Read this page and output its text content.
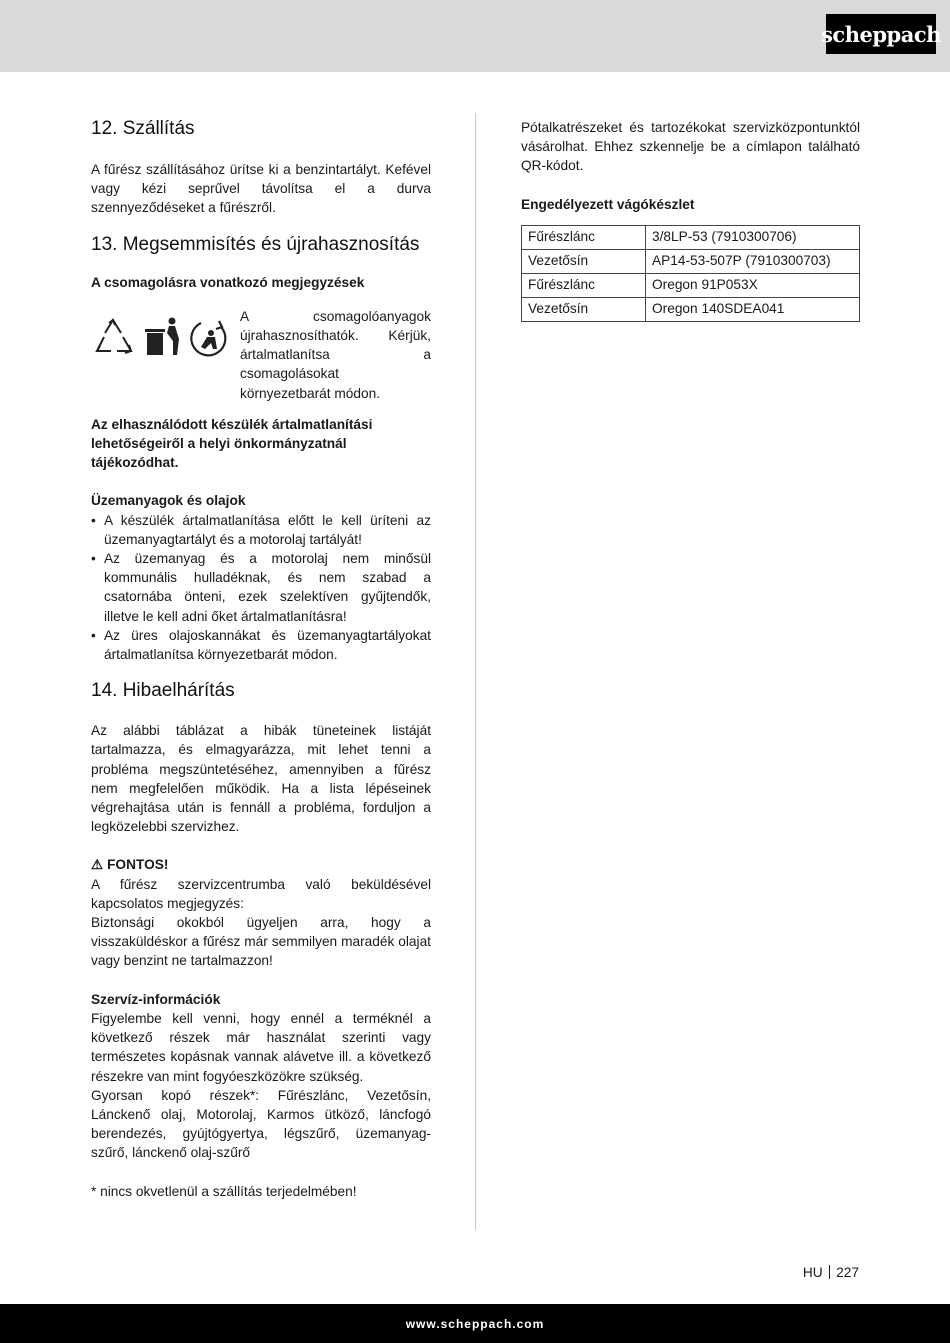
scheppach
12. Szállítás

A fűrész szállításához ürítse ki a benzintartályt. Kefével vagy kézi seprűvel távolítsa el a durva szennyeződéseket a fűrészről.

13. Megsemmisítés és újrahasznosítás

A csomagolásra vonatkozó megjegyzések

A csomagolóanyagok újrahasznosíthatók. Kérjük, ártalmatlanítsa a csomagolásokat környezetbarát módon.

Az elhasználódott készülék ártalmatlanítási lehetőségeiről a helyi önkormányzatnál tájékozódhat.

Üzemanyagok és olajok

• A készülék ártalmatlanítása előtt le kell üríteni az üzemanyagtartályt és a motorolaj tartályát!
• Az üzemanyag és a motorolaj nem minősül kommunális hulladéknak, és nem szabad a csatornába önteni, ezek szelektíven gyűjtendők, illetve le kell adni őket ártalmatlanításra!
• Az üres olajoskannákat és üzemanyagtartályokat ártalmatlanítsa környezetbarát módon.
14. Hibaelhárítás

Az alábbi táblázat a hibák tüneteinek listáját tartalmazza, és elmagyarázza, mit lehet tenni a probléma megszüntetéséhez, amennyiben a fűrész nem megfelelően működik. Ha a lista lépéseinek végrehajtása után is fennáll a probléma, forduljon a legközelebbi szervizhez.

⚠ FONTOS!

A fűrész szervizcentrumba való beküldésével kapcsolatos megjegyzés:

Biztonsági okokból ügyeljen arra, hogy a visszaküldéskor a fűrész már semmilyen maradék olajat vagy benzint ne tartalmazzon!

Szervíz-információk

Figyelembe kell venni, hogy ennél a terméknél a következő részek már használat szerinti vagy természetes kopásnak vannak alávetve ill. a következő részekre van mint fogyóeszközökre szükség.

Gyorsan kopó részek*: Fűrészlánc, Vezetősín, Lánckenő olaj, Motorolaj, Karmos ütköző, láncfogó berendezés, gyújtógyertya, légszűrő, üzemanyag-szűrő, lánckenő olaj-szűrő

* nincs okvetlenül a szállítás terjedelmében!

Pótalkatrészeket és tartozékokat szervizközpontunktól vásárolhat. Ehhez szkennelje be a címlapon található QR-kódot.

Engedélyezett vágókészlet

Fűrészlánc	3/8LP-53 (7910300706)
Vezetősín	AP14-53-507P (7910300703)
Fűrészlánc	Oregon 91P053X
Vezetősín	Oregon 140SDEA041
HU 227
www.scheppach.com
